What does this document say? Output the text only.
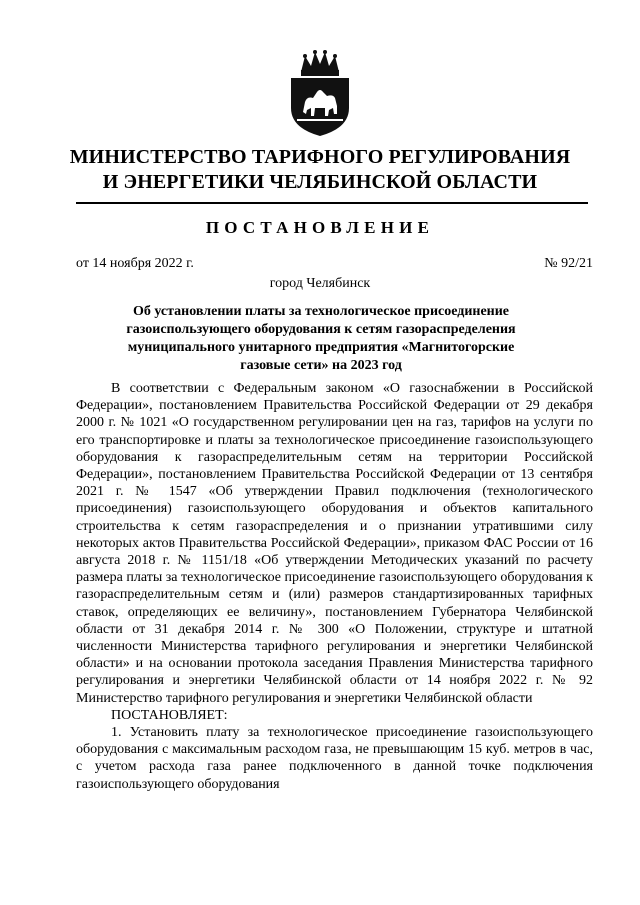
МИНИСТЕРСТВО ТАРИФНОГО РЕГУЛИРОВАНИЯ
И ЭНЕРГЕТИКИ ЧЕЛЯБИНСКОЙ ОБЛАСТИ
ПОСТАНОВЛЕНИЕ
от 14 ноября 2022 г.	№ 92/21
город Челябинск
Об установлении платы за технологическое присоединение
газоиспользующего оборудования к сетям газораспределения
муниципального унитарного предприятия «Магнитогорские
газовые сети» на 2023 год

В соответствии с Федеральным законом «О газоснабжении в Российской Федерации», постановлением Правительства Российской Федерации от 29 декабря 2000 г. № 1021 «О государственном регулировании цен на газ, тарифов на услуги по его транспортировке и платы за технологическое присоединение газоиспользующего оборудования к газораспределительным сетям на территории Российской Федерации», постановлением Правительства Российской Федерации от 13 сентября 2021 г. № 1547 «Об утверждении Правил подключения (технологического присоединения) газоиспользующего оборудования и объектов капитального строительства к сетям газораспределения и о признании утратившими силу некоторых актов Правительства Российской Федерации», приказом ФАС России от 16 августа 2018 г. № 1151/18 «Об утверждении Методических указаний по расчету размера платы за технологическое присоединение газоиспользующего оборудования к газораспределительным сетям и (или) размеров стандартизированных тарифных ставок, определяющих ее величину», постановлением Губернатора Челябинской области от 31 декабря 2014 г. № 300 «О Положении, структуре и штатной численности Министерства тарифного регулирования и энергетики Челябинской области» и на основании протокола заседания Правления Министерства тарифного регулирования и энергетики Челябинской области от 14 ноября 2022 г. № 92 Министерство тарифного регулирования и энергетики Челябинской области

ПОСТАНОВЛЯЕТ:

1. Установить плату за технологическое присоединение газоиспользующего оборудования с максимальным расходом газа, не превышающим 15 куб. метров в час, с учетом расхода газа ранее подключенного в данной точке подключения газоиспользующего оборудования
